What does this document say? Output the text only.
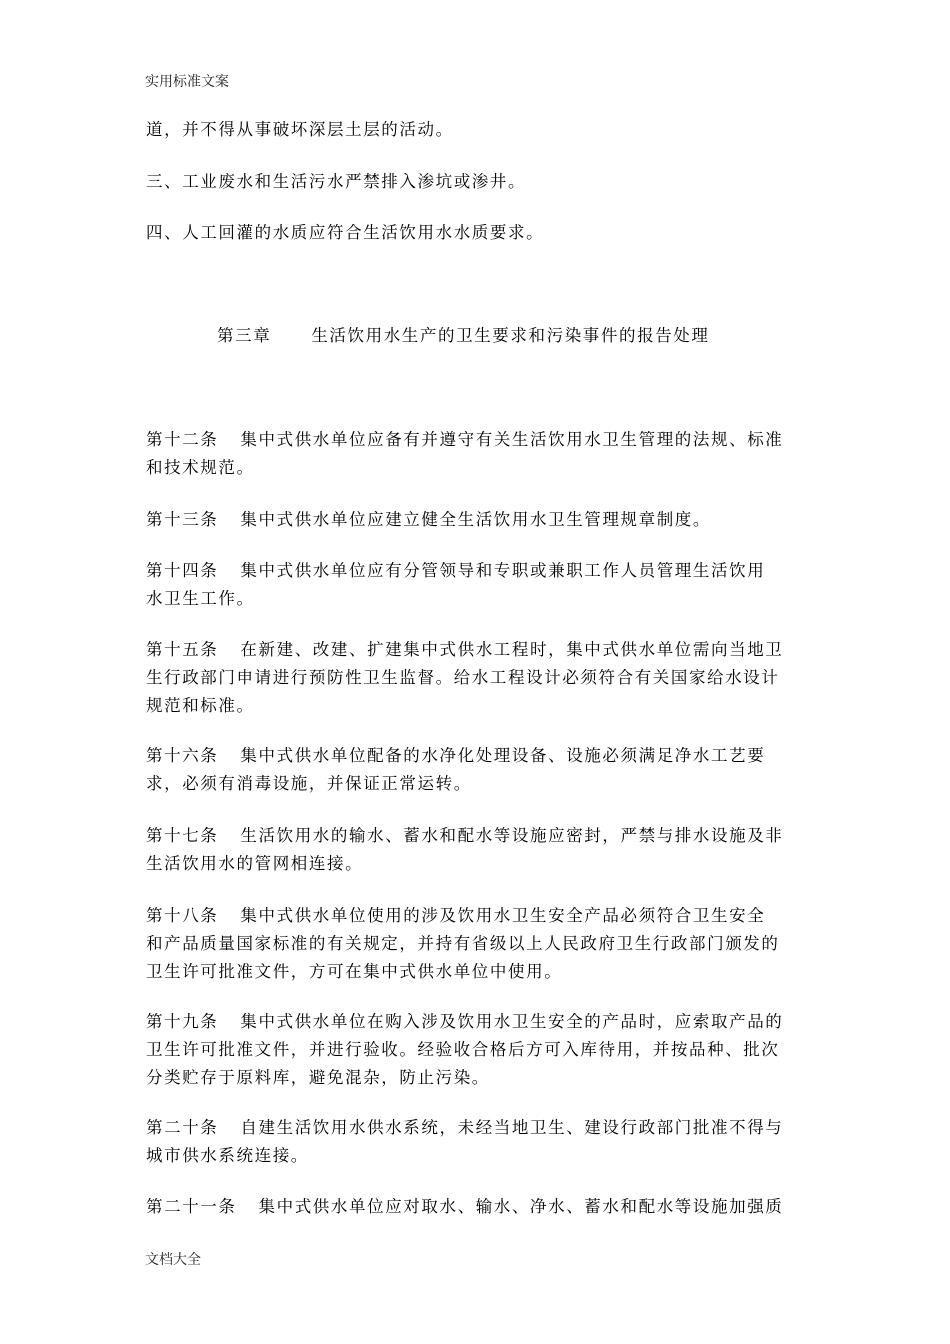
实用标准文案

道，并不得从事破坏深层土层的活动。

三、工业废水和生活污水严禁排入渗坑或渗井。

四、人工回灌的水质应符合生活饮用水水质要求。

第三章 生活饮用水生产的卫生要求和污染事件的报告处理

第十二条 集中式供水单位应备有并遵守有关生活饮用水卫生管理的法规、标准
和技术规范。

第十三条 集中式供水单位应建立健全生活饮用水卫生管理规章制度。

第十四条 集中式供水单位应有分管领导和专职或兼职工作人员管理生活饮用
水卫生工作。

第十五条 在新建、改建、扩建集中式供水工程时，集中式供水单位需向当地卫
生行政部门申请进行预防性卫生监督。给水工程设计必须符合有关国家给水设计
规范和标准。

第十六条 集中式供水单位配备的水净化处理设备、设施必须满足净水工艺要
求，必须有消毒设施，并保证正常运转。

第十七条 生活饮用水的输水、蓄水和配水等设施应密封，严禁与排水设施及非
生活饮用水的管网相连接。

第十八条 集中式供水单位使用的涉及饮用水卫生安全产品必须符合卫生安全
和产品质量国家标准的有关规定，并持有省级以上人民政府卫生行政部门颁发的
卫生许可批准文件，方可在集中式供水单位中使用。

第十九条 集中式供水单位在购入涉及饮用水卫生安全的产品时，应索取产品的
卫生许可批准文件，并进行验收。经验收合格后方可入库待用，并按品种、批次
分类贮存于原料库，避免混杂，防止污染。

第二十条 自建生活饮用水供水系统，未经当地卫生、建设行政部门批准不得与
城市供水系统连接。

第二十一条 集中式供水单位应对取水、输水、净水、蓄水和配水等设施加强质

文档大全
